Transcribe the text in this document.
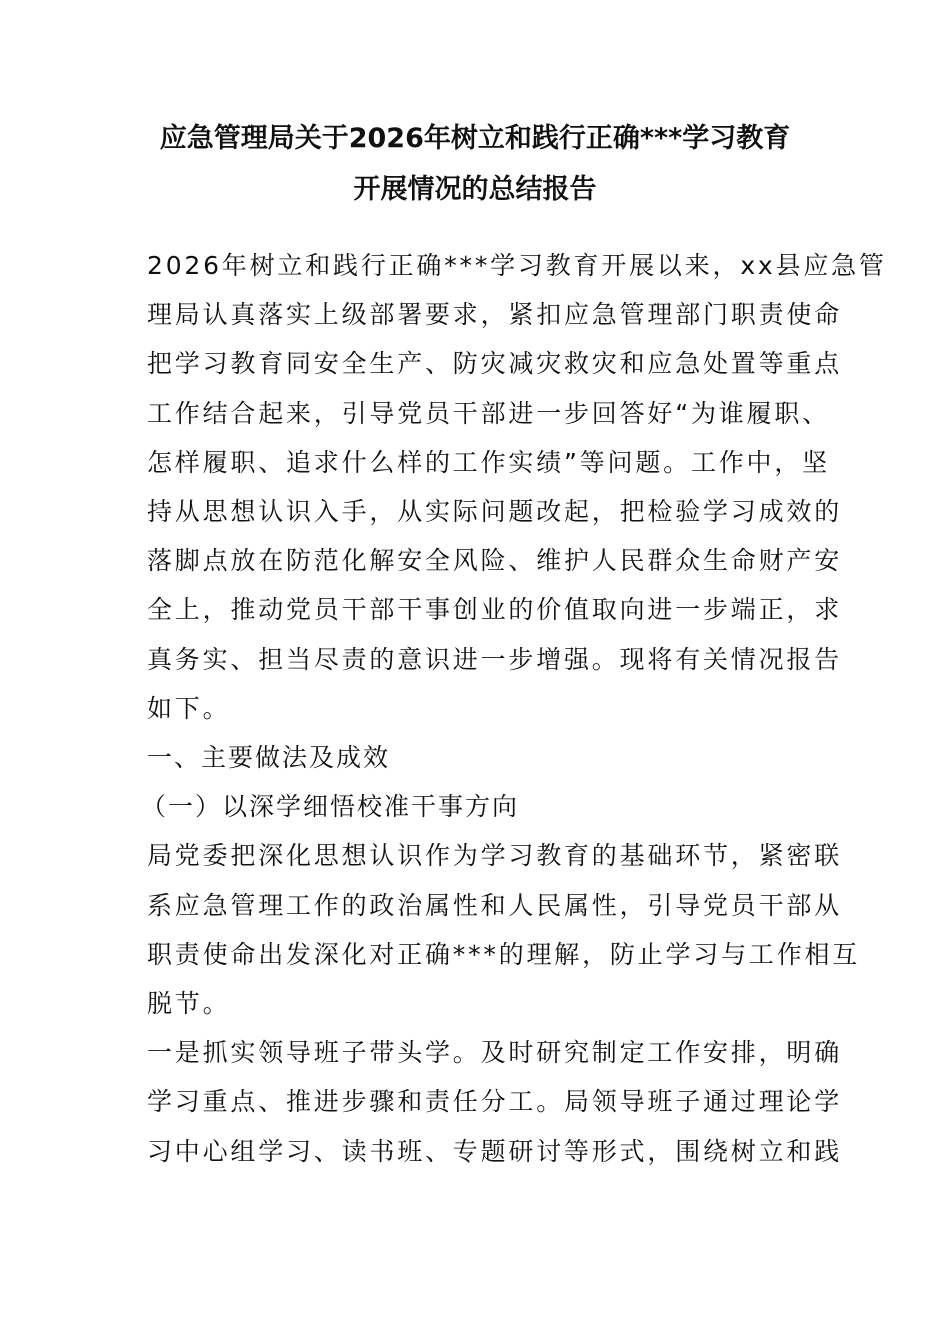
应急管理局关于2026年树立和践行正确***学习教育
开展情况的总结报告
2026年树立和践行正确***学习教育开展以来，xx县应急管
理局认真落实上级部署要求，紧扣应急管理部门职责使命
把学习教育同安全生产、防灾减灾救灾和应急处置等重点
工作结合起来，引导党员干部进一步回答好“为谁履职、
怎样履职、追求什么样的工作实绩”等问题。工作中，坚
持从思想认识入手，从实际问题改起，把检验学习成效的
落脚点放在防范化解安全风险、维护人民群众生命财产安
全上，推动党员干部干事创业的价值取向进一步端正，求
真务实、担当尽责的意识进一步增强。现将有关情况报告
如下。
一、主要做法及成效
（一）以深学细悟校准干事方向
局党委把深化思想认识作为学习教育的基础环节，紧密联
系应急管理工作的政治属性和人民属性，引导党员干部从
职责使命出发深化对正确***的理解，防止学习与工作相互
脱节。
一是抓实领导班子带头学。及时研究制定工作安排，明确
学习重点、推进步骤和责任分工。局领导班子通过理论学
习中心组学习、读书班、专题研讨等形式，围绕树立和践
